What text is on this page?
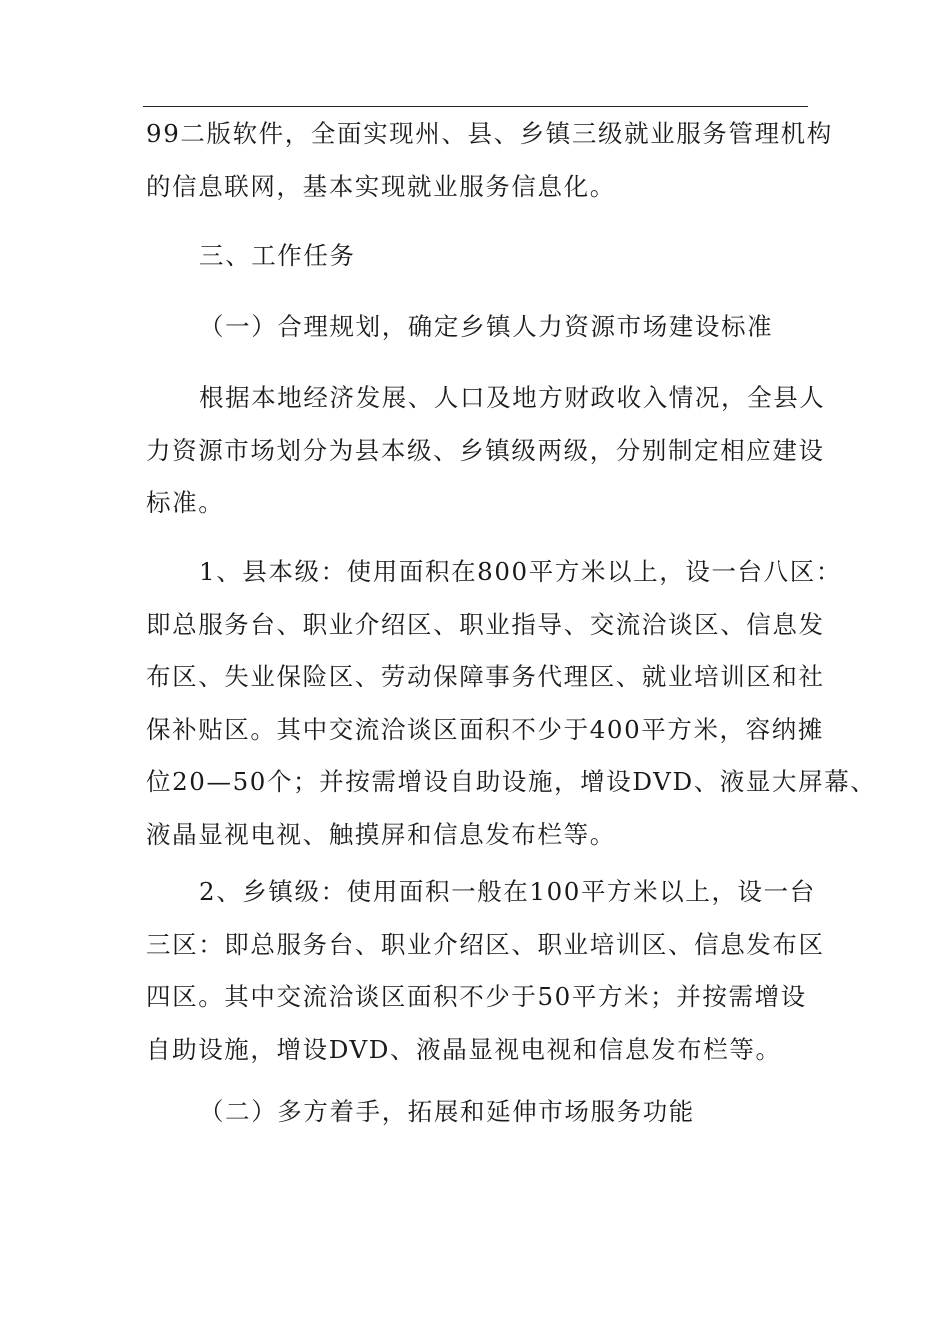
99二版软件，全面实现州、县、乡镇三级就业服务管理机构
的信息联网，基本实现就业服务信息化。
三、工作任务
（一）合理规划，确定乡镇人力资源市场建设标准
根据本地经济发展、人口及地方财政收入情况，全县人
力资源市场划分为县本级、乡镇级两级，分别制定相应建设
标准。
1、县本级：使用面积在800平方米以上，设一台八区：
即总服务台、职业介绍区、职业指导、交流洽谈区、信息发
布区、失业保险区、劳动保障事务代理区、就业培训区和社
保补贴区。其中交流洽谈区面积不少于400平方米，容纳摊
位20—50个；并按需增设自助设施，增设DVD、液显大屏幕、
液晶显视电视、触摸屏和信息发布栏等。
2、乡镇级：使用面积一般在100平方米以上，设一台
三区：即总服务台、职业介绍区、职业培训区、信息发布区
四区。其中交流洽谈区面积不少于50平方米；并按需增设
自助设施，增设DVD、液晶显视电视和信息发布栏等。
（二）多方着手，拓展和延伸市场服务功能
